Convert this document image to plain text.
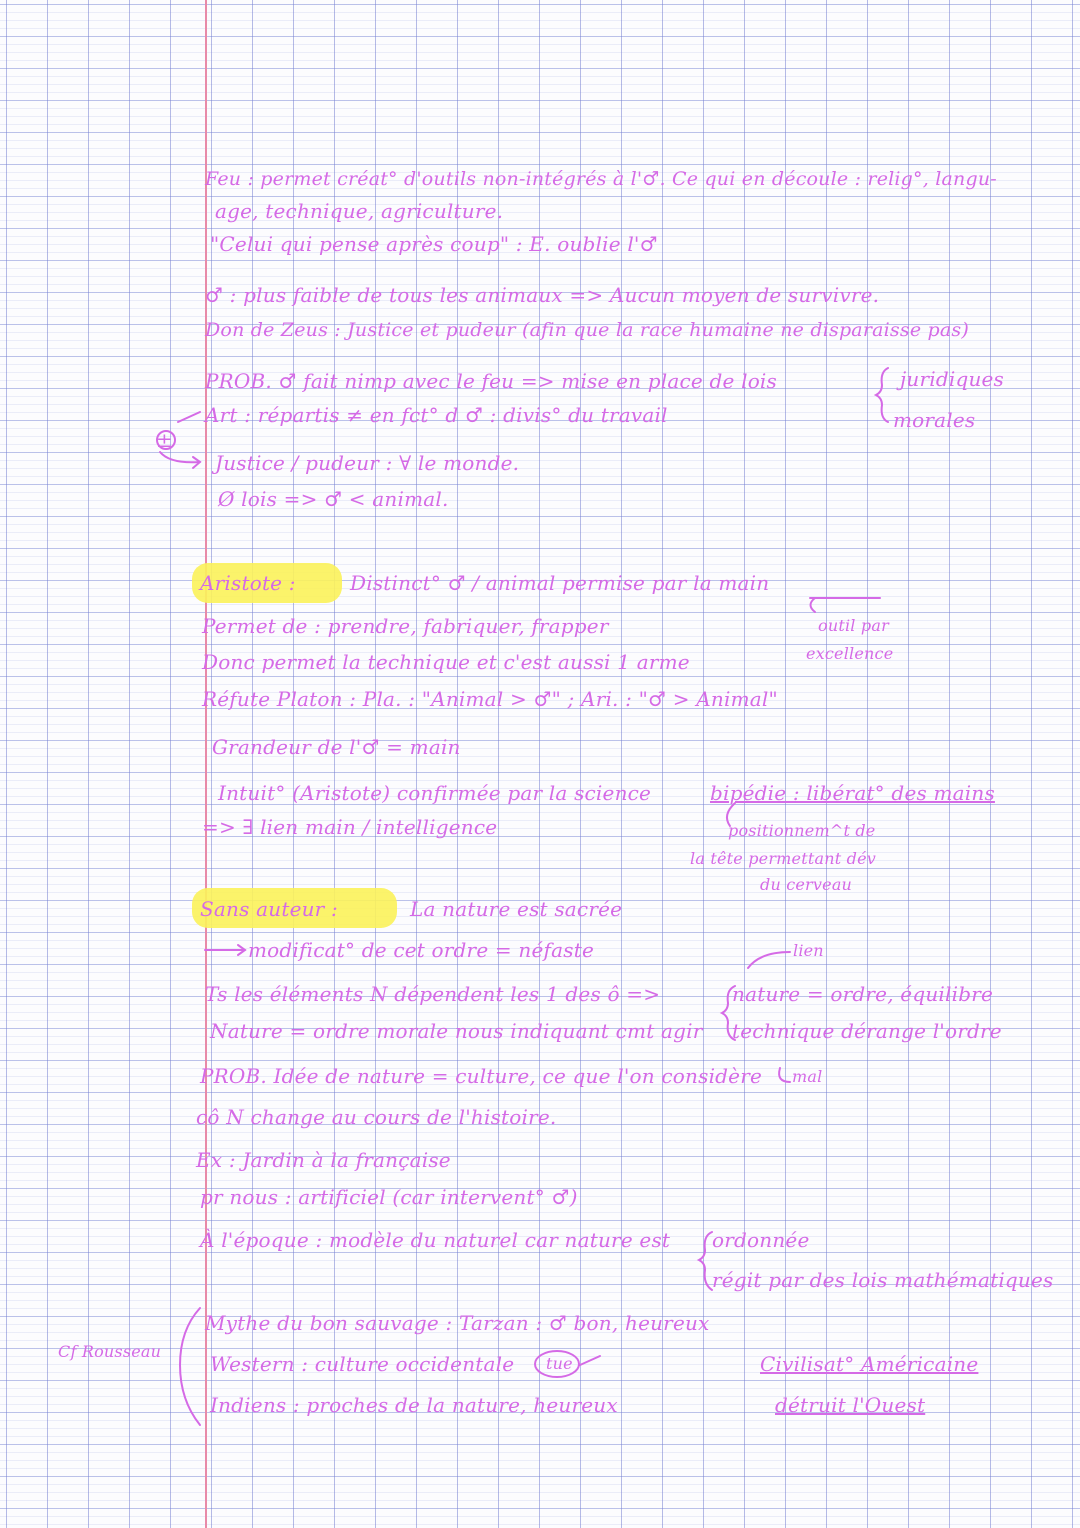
Feu : permet créat° d'outils non-intégrés à l'♂. Ce qui en découle : relig°, langu-
age, technique, agriculture.
"Celui qui pense après coup" : E. oublie l'♂
♂ : plus faible de tous les animaux => Aucun moyen de survivre.
Don de Zeus : Justice et pudeur (afin que la race humaine ne disparaisse pas)
PROB. ♂ fait nimp avec le feu => mise en place de lois	juridiques
Art : répartis ≠ en fct° d ♂ : divis° du travail	morales
Justice / pudeur : ∀ le monde.
Ø lois => ♂ < animal.
±
Aristote :	Distinct° ♂ / animal permise par la main
outil par
excellence
Permet de : prendre, fabriquer, frapper
Donc permet la technique et c'est aussi 1 arme
Réfute Platon : Pla. : "Animal > ♂" ; Ari. : "♂ > Animal"
Grandeur de l'♂ = main
Intuit° (Aristote) confirmée par la science	bipédie : libérat° des mains
=> ∃ lien main / intelligence	positionnem^t de
la tête permettant dév
du cerveau
Sans auteur :	La nature est sacrée
modificat° de cet ordre = néfaste	lien
Ts les éléments N dépendent les 1 des ô =>	nature = ordre, équilibre
Nature = ordre morale nous indiquant cmt agir technique dérange l'ordre
PROB. Idée de nature = culture, ce que l'on considère mal
cô N change au cours de l'histoire.
Ex : Jardin à la française
pr nous : artificiel (car intervent° ♂)
À l'époque : modèle du naturel car nature est ordonnée
régit par des lois mathématiques
Cf Rousseau
Mythe du bon sauvage : Tarzan : ♂ bon, heureux
Western : culture occidentale tue	Civilisat° Américaine
Indiens : proches de la nature, heureux	détruit l'Ouest
